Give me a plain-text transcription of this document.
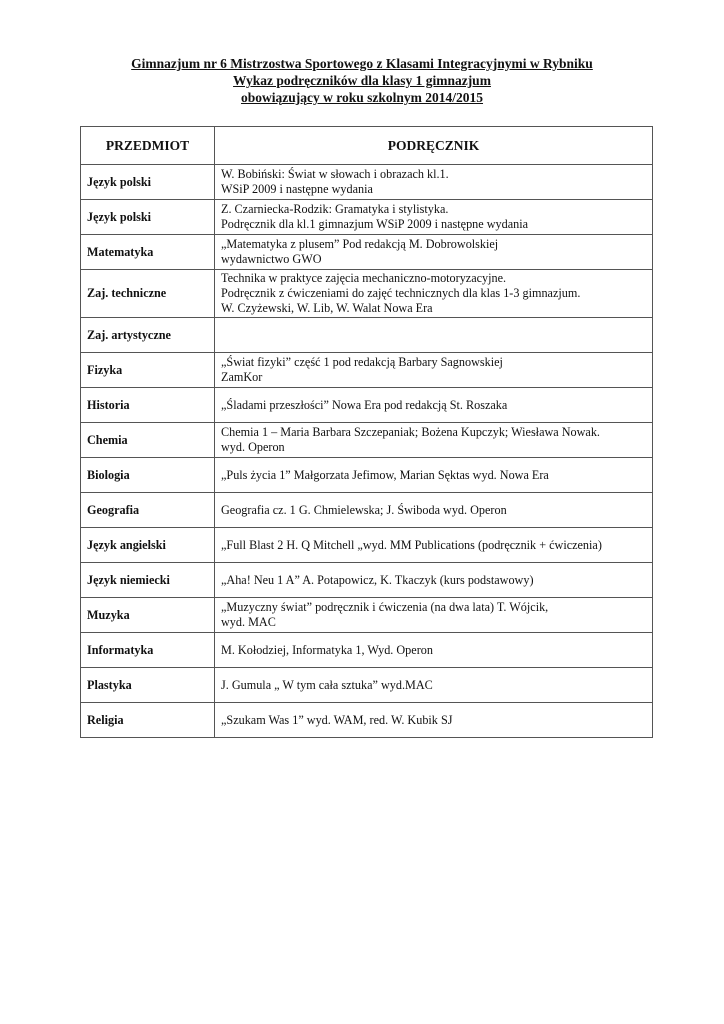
Gimnazjum nr 6 Mistrzostwa Sportowego z Klasami Integracyjnymi w Rybniku
Wykaz podręczników dla klasy 1 gimnazjum
obowiązujący w roku szkolnym 2014/2015
PRZEDMIOT	PODRĘCZNIK
Język polski	W. Bobiński: Świat w słowach i obrazach kl.1.
WSiP 2009 i następne wydania
Język polski	Z. Czarniecka-Rodzik: Gramatyka i stylistyka.
Podręcznik dla kl.1 gimnazjum WSiP 2009 i następne wydania
Matematyka	„Matematyka z plusem” Pod redakcją M. Dobrowolskiej
wydawnictwo GWO
Zaj. techniczne	Technika w praktyce zajęcia mechaniczno-motoryzacyjne.
Podręcznik z ćwiczeniami do zajęć technicznych dla klas 1-3 gimnazjum.
W. Czyżewski, W. Lib, W. Walat Nowa Era
Zaj. artystyczne	
Fizyka	„Świat fizyki” część 1 pod redakcją Barbary Sagnowskiej
ZamKor
Historia	„Śladami przeszłości” Nowa Era pod redakcją St. Roszaka
Chemia	Chemia 1 – Maria Barbara Szczepaniak; Bożena Kupczyk; Wiesława Nowak.
wyd. Operon
Biologia	„Puls życia 1” Małgorzata Jefimow, Marian Sęktas wyd. Nowa Era
Geografia	Geografia cz. 1 G. Chmielewska; J. Świboda wyd. Operon
Język angielski	„Full Blast 2 H. Q Mitchell „wyd. MM Publications (podręcznik + ćwiczenia)
Język niemiecki	„Aha! Neu 1 A” A. Potapowicz, K. Tkaczyk (kurs podstawowy)
Muzyka	„Muzyczny świat” podręcznik i ćwiczenia (na dwa lata) T. Wójcik,
wyd. MAC
Informatyka	M. Kołodziej, Informatyka 1, Wyd. Operon
Plastyka	J. Gumula „ W tym cała sztuka” wyd.MAC
Religia	„Szukam Was 1” wyd. WAM, red. W. Kubik SJ
